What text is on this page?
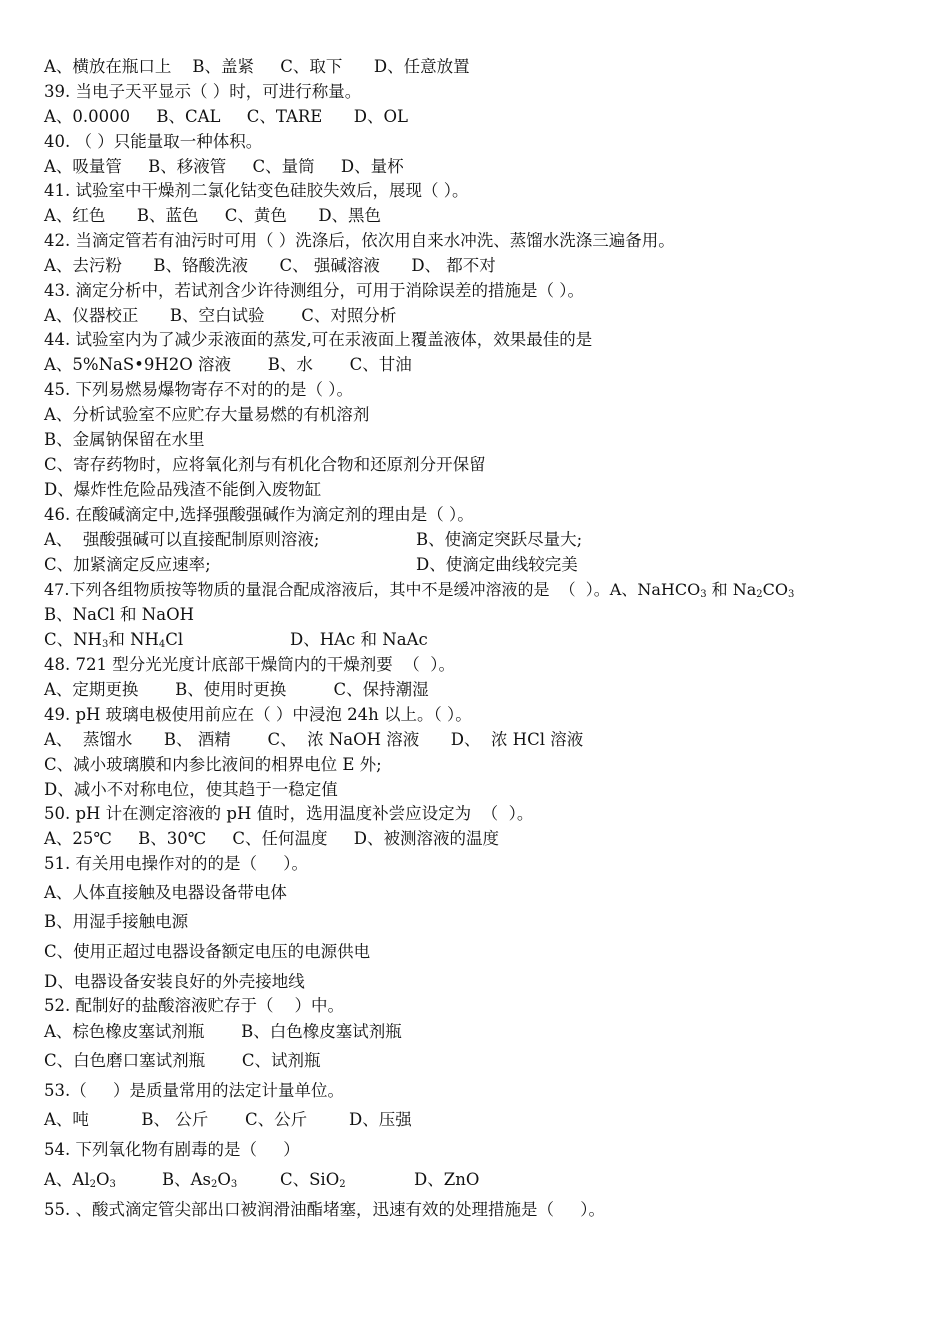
A、横放在瓶口上    B、盖紧     C、取下      D、任意放置
39. 当电子天平显示（ ）时，可进行称量。
A、0.0000     B、CAL     C、TARE      D、OL
40. （ ）只能量取一种体积。
A、吸量管     B、移液管     C、量筒     D、量杯
41. 试验室中干燥剂二氯化钴变色硅胶失效后，展现（ ）。
A、红色      B、蓝色     C、黄色      D、黑色
42. 当滴定管若有油污时可用（ ）洗涤后，依次用自来水冲洗、蒸馏水洗涤三遍备用。
A、去污粉      B、铬酸洗液      C、 强碱溶液      D、 都不对
43. 滴定分析中，若试剂含少许待测组分，可用于消除误差的措施是（ ）。
A、仪器校正      B、空白试验       C、对照分析
44. 试验室内为了减少汞液面的蒸发,可在汞液面上覆盖液体，效果最佳的是
A、5%NaS•9H2O 溶液       B、水       C、甘油
45. 下列易燃易爆物寄存不对的的是（ ）。
A、分析试验室不应贮存大量易燃的有机溶剂
B、金属钠保留在水里
C、寄存药物时，应将氧化剂与有机化合物和还原剂分开保留
D、爆炸性危险品残渣不能倒入废物缸
46. 在酸碱滴定中,选择强酸强碱作为滴定剂的理由是（ ）。
A、  强酸强碱可以直接配制原则溶液;	B、使滴定突跃尽量大;
C、加紧滴定反应速率;	D、使滴定曲线较完美
47.下列各组物质按等物质的量混合配成溶液后，其中不是缓冲溶液的是  （  ）。A、NaHCO$_3$ 和 $Na_2CO_3$
B、NaCl 和 NaOH
C、$NH_3$和 $NH_4Cl$	D、HAc 和 NaAc
48. 721 型分光光度计底部干燥筒内的干燥剂要  （  ）。
A、定期更换       B、使用时更换         C、保持潮湿
49. pH 玻璃电极使用前应在（ ）中浸泡 24h 以上。（ ）。
A、  蒸馏水      B、 酒精       C、  浓 NaOH 溶液      D、  浓 HCl 溶液
C、减小玻璃膜和内参比液间的相界电位 E 外;
D、减小不对称电位，使其趋于一稳定值
50. pH 计在测定溶液的 pH 值时，选用温度补尝应设定为  （  ）。
A、25℃     B、30℃     C、任何温度     D、被测溶液的温度
51. 有关用电操作对的的是（     ）。
A、人体直接触及电器设备带电体
B、用湿手接触电源
C、使用正超过电器设备额定电压的电源供电
D、电器设备安装良好的外壳接地线
52. 配制好的盐酸溶液贮存于（    ）中。
A、棕色橡皮塞试剂瓶       B、白色橡皮塞试剂瓶
C、白色磨口塞试剂瓶       C、试剂瓶
53.（     ）是质量常用的法定计量单位。
A、吨          B、 公斤       C、公斤        D、压强
54. 下列氧化物有剧毒的是（     ）
A、$Al_2O_3$	B、$As_2O_3$	C、SiO$_2$	D、ZnO
55. 、酸式滴定管尖部出口被润滑油酯堵塞，迅速有效的处理措施是（     ）。
